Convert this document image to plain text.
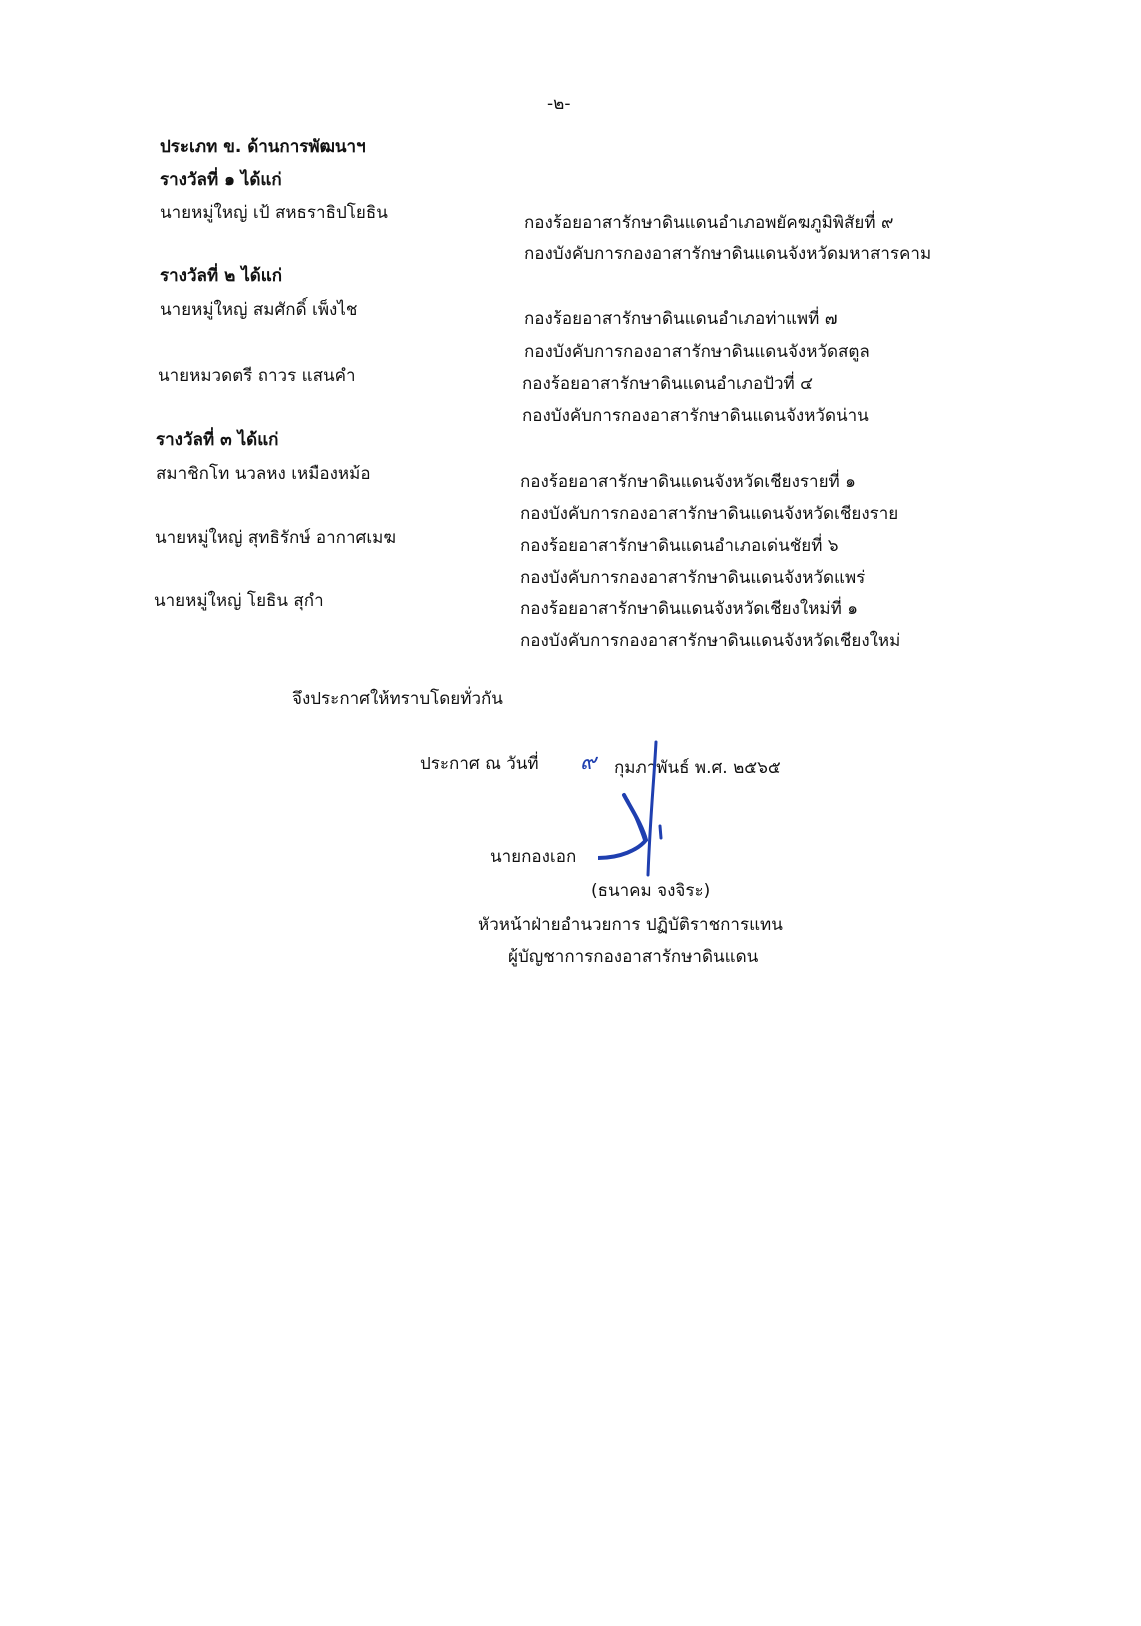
-๒-
ประเภท ข. ด้านการพัฒนาฯ
รางวัลที่ ๑ ได้แก่
นายหมู่ใหญ่ เป้ สหธราธิปโยธิน	กองร้อยอาสารักษาดินแดนอำเภอพยัคฆภูมิพิสัยที่ ๙
กองบังคับการกองอาสารักษาดินแดนจังหวัดมหาสารคาม
รางวัลที่ ๒ ได้แก่
นายหมู่ใหญ่ สมศักดิ์ เพ็งไช	กองร้อยอาสารักษาดินแดนอำเภอท่าแพที่ ๗
กองบังคับการกองอาสารักษาดินแดนจังหวัดสตูล
นายหมวดตรี ถาวร แสนคำ	กองร้อยอาสารักษาดินแดนอำเภอปัวที่ ๔
กองบังคับการกองอาสารักษาดินแดนจังหวัดน่าน
รางวัลที่ ๓ ได้แก่
สมาชิกโท นวลหง เหมืองหม้อ	กองร้อยอาสารักษาดินแดนจังหวัดเชียงรายที่ ๑
กองบังคับการกองอาสารักษาดินแดนจังหวัดเชียงราย
นายหมู่ใหญ่ สุทธิรักษ์ อากาศเมฆ	กองร้อยอาสารักษาดินแดนอำเภอเด่นชัยที่ ๖
กองบังคับการกองอาสารักษาดินแดนจังหวัดแพร่
นายหมู่ใหญ่ โยธิน สุกำ	กองร้อยอาสารักษาดินแดนจังหวัดเชียงใหม่ที่ ๑
กองบังคับการกองอาสารักษาดินแดนจังหวัดเชียงใหม่
จึงประกาศให้ทราบโดยทั่วกัน
ประกาศ ณ วันที่ ๙ กุมภาพันธ์ พ.ศ. ๒๕๖๕
นายกองเอก
(ธนาคม จงจิระ)
หัวหน้าฝ่ายอำนวยการ ปฏิบัติราชการแทน
ผู้บัญชาการกองอาสารักษาดินแดน
